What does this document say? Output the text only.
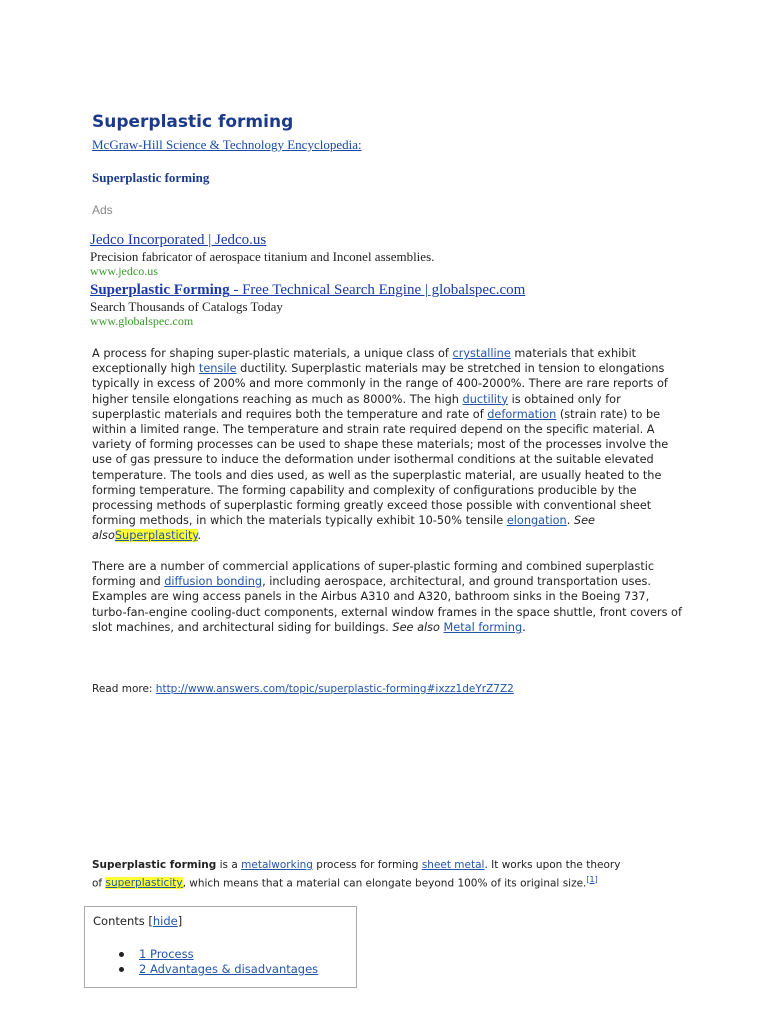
Superplastic forming
McGraw-Hill Science & Technology Encyclopedia:
Superplastic forming
Ads
Jedco Incorporated | Jedco.us
Precision fabricator of aerospace titanium and Inconel assemblies.
www.jedco.us
Superplastic Forming - Free Technical Search Engine | globalspec.com
Search Thousands of Catalogs Today
www.globalspec.com

A process for shaping super-plastic materials, a unique class of crystalline materials that exhibit exceptionally high tensile ductility. Superplastic materials may be stretched in tension to elongations typically in excess of 200% and more commonly in the range of 400-2000%. There are rare reports of higher tensile elongations reaching as much as 8000%. The high ductility is obtained only for superplastic materials and requires both the temperature and rate of deformation (strain rate) to be within a limited range. The temperature and strain rate required depend on the specific material. A variety of forming processes can be used to shape these materials; most of the processes involve the use of gas pressure to induce the deformation under isothermal conditions at the suitable elevated temperature. The tools and dies used, as well as the superplastic material, are usually heated to the forming temperature. The forming capability and complexity of configurations producible by the processing methods of superplastic forming greatly exceed those possible with conventional sheet forming methods, in which the materials typically exhibit 10-50% tensile elongation. See alsoSuperplasticity.

There are a number of commercial applications of super-plastic forming and combined superplastic forming and diffusion bonding, including aerospace, architectural, and ground transportation uses. Examples are wing access panels in the Airbus A310 and A320, bathroom sinks in the Boeing 737, turbo-fan-engine cooling-duct components, external window frames in the space shuttle, front covers of slot machines, and architectural siding for buildings. See also Metal forming.

Read more: http://www.answers.com/topic/superplastic-forming#ixzz1deYrZ7Z2

Superplastic forming is a metalworking process for forming sheet metal. It works upon the theory of superplasticity, which means that a material can elongate beyond 100% of its original size.[1]

Contents [hide]
1 Process
2 Advantages & disadvantages
